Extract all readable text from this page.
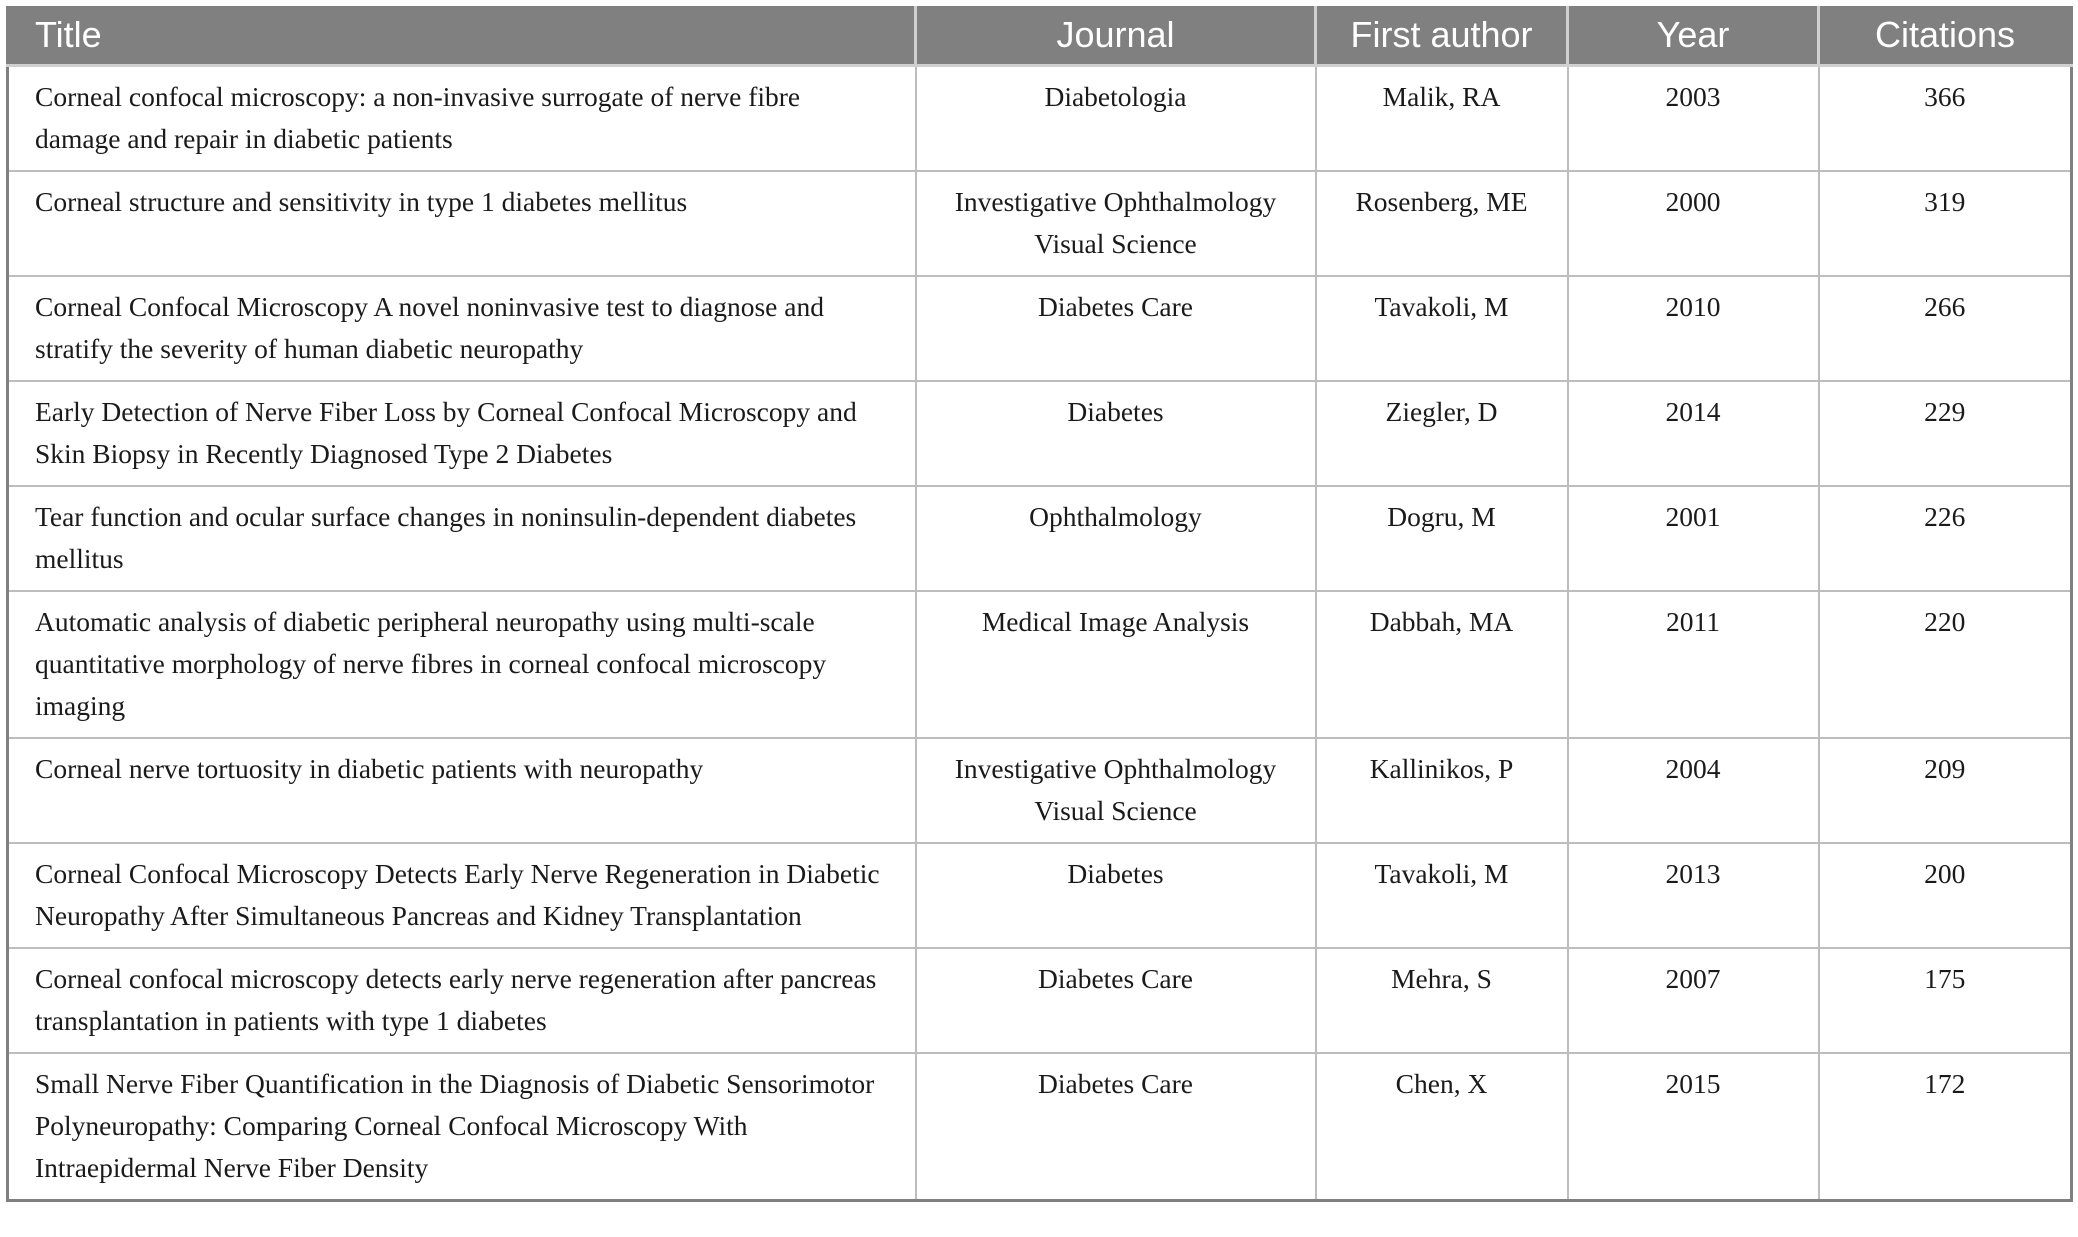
Title	Journal	First author	Year	Citations
Corneal confocal microscopy: a non-invasive surrogate of nerve fibre damage and repair in diabetic patients	Diabetologia	Malik, RA	2003	366
Corneal structure and sensitivity in type 1 diabetes mellitus	Investigative Ophthalmology Visual Science	Rosenberg, ME	2000	319
Corneal Confocal Microscopy A novel noninvasive test to diagnose and stratify the severity of human diabetic neuropathy	Diabetes Care	Tavakoli, M	2010	266
Early Detection of Nerve Fiber Loss by Corneal Confocal Microscopy and Skin Biopsy in Recently Diagnosed Type 2 Diabetes	Diabetes	Ziegler, D	2014	229
Tear function and ocular surface changes in noninsulin-dependent diabetes mellitus	Ophthalmology	Dogru, M	2001	226
Automatic analysis of diabetic peripheral neuropathy using multi-scale quantitative morphology of nerve fibres in corneal confocal microscopy imaging	Medical Image Analysis	Dabbah, MA	2011	220
Corneal nerve tortuosity in diabetic patients with neuropathy	Investigative Ophthalmology Visual Science	Kallinikos, P	2004	209
Corneal Confocal Microscopy Detects Early Nerve Regeneration in Diabetic Neuropathy After Simultaneous Pancreas and Kidney Transplantation	Diabetes	Tavakoli, M	2013	200
Corneal confocal microscopy detects early nerve regeneration after pancreas transplantation in patients with type 1 diabetes	Diabetes Care	Mehra, S	2007	175
Small Nerve Fiber Quantification in the Diagnosis of Diabetic Sensorimotor Polyneuropathy: Comparing Corneal Confocal Microscopy With Intraepidermal Nerve Fiber Density	Diabetes Care	Chen, X	2015	172
